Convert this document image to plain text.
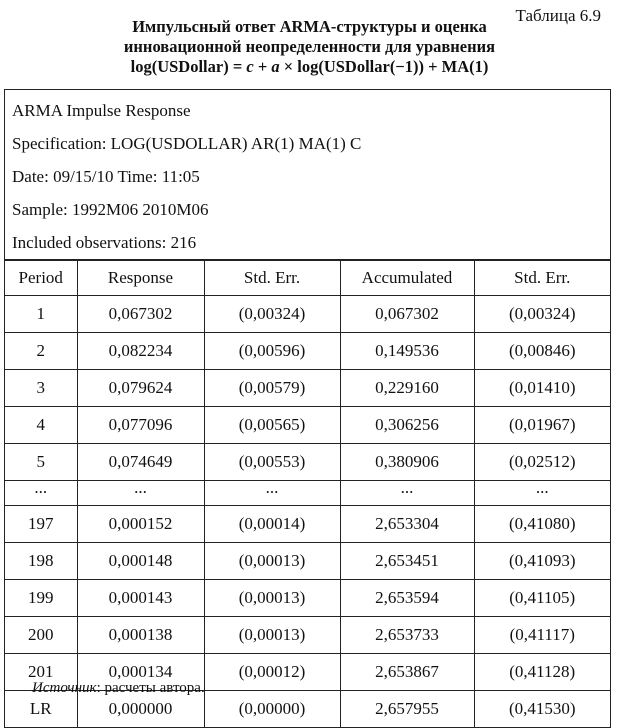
Таблица 6.9
Импульсный ответ ARMA-структуры и оценка
инновационной неопределенности для уравнения
log(USDollar) = c + a × log(USDollar(−1)) + MA(1)
ARMA Impulse Response
Specification: LOG(USDOLLAR) AR(1) MA(1) C
Date: 09/15/10 Time: 11:05
Sample: 1992M06 2010M06
Included observations: 216
Period	Response	Std. Err.	Accumulated	Std. Err.
1	0,067302	(0,00324)	0,067302	(0,00324)
2	0,082234	(0,00596)	0,149536	(0,00846)
3	0,079624	(0,00579)	0,229160	(0,01410)
4	0,077096	(0,00565)	0,306256	(0,01967)
5	0,074649	(0,00553)	0,380906	(0,02512)
...	...	...	...	...
197	0,000152	(0,00014)	2,653304	(0,41080)
198	0,000148	(0,00013)	2,653451	(0,41093)
199	0,000143	(0,00013)	2,653594	(0,41105)
200	0,000138	(0,00013)	2,653733	(0,41117)
201	0,000134	(0,00012)	2,653867	(0,41128)
LR	0,000000	(0,00000)	2,657955	(0,41530)
Источник: расчеты автора.
